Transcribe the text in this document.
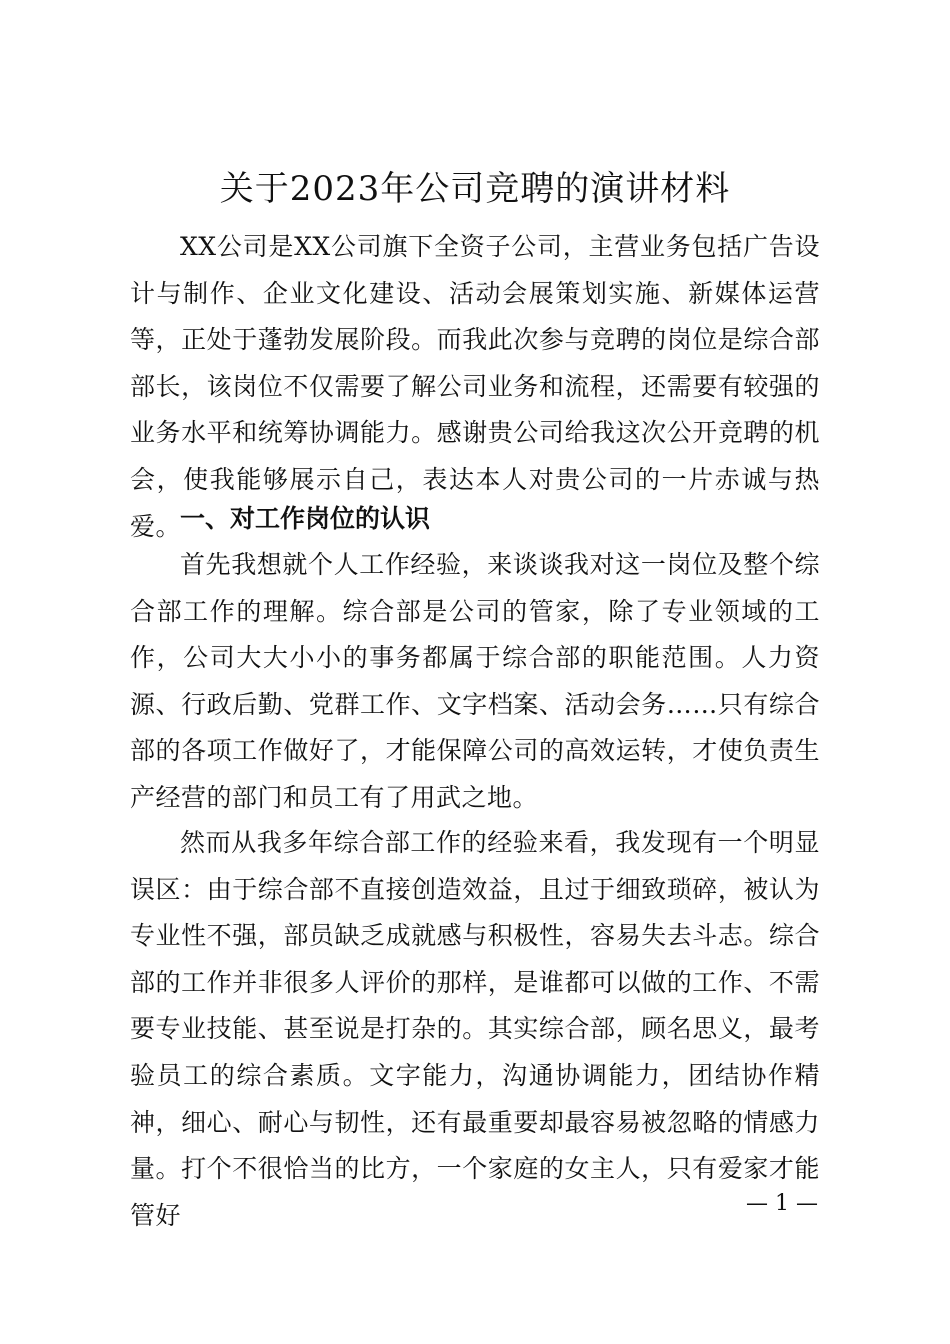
关于2023年公司竞聘的演讲材料

XX公司是XX公司旗下全资子公司，主营业务包括广告设计与制作、企业文化建设、活动会展策划实施、新媒体运营等，正处于蓬勃发展阶段。而我此次参与竞聘的岗位是综合部部长，该岗位不仅需要了解公司业务和流程，还需要有较强的业务水平和统筹协调能力。感谢贵公司给我这次公开竞聘的机会，使我能够展示自己，表达本人对贵公司的一片赤诚与热爱。

一、对工作岗位的认识

首先我想就个人工作经验，来谈谈我对这一岗位及整个综合部工作的理解。综合部是公司的管家，除了专业领域的工作，公司大大小小的事务都属于综合部的职能范围。人力资源、行政后勤、党群工作、文字档案、活动会务……只有综合部的各项工作做好了，才能保障公司的高效运转，才使负责生产经营的部门和员工有了用武之地。

然而从我多年综合部工作的经验来看，我发现有一个明显误区：由于综合部不直接创造效益，且过于细致琐碎，被认为专业性不强，部员缺乏成就感与积极性，容易失去斗志。综合部的工作并非很多人评价的那样，是谁都可以做的工作、不需要专业技能、甚至说是打杂的。其实综合部，顾名思义，最考验员工的综合素质。文字能力，沟通协调能力，团结协作精神，细心、耐心与韧性，还有最重要却最容易被忽略的情感力量。打个不很恰当的比方，一个家庭的女主人，只有爱家才能管好	— 1 —
